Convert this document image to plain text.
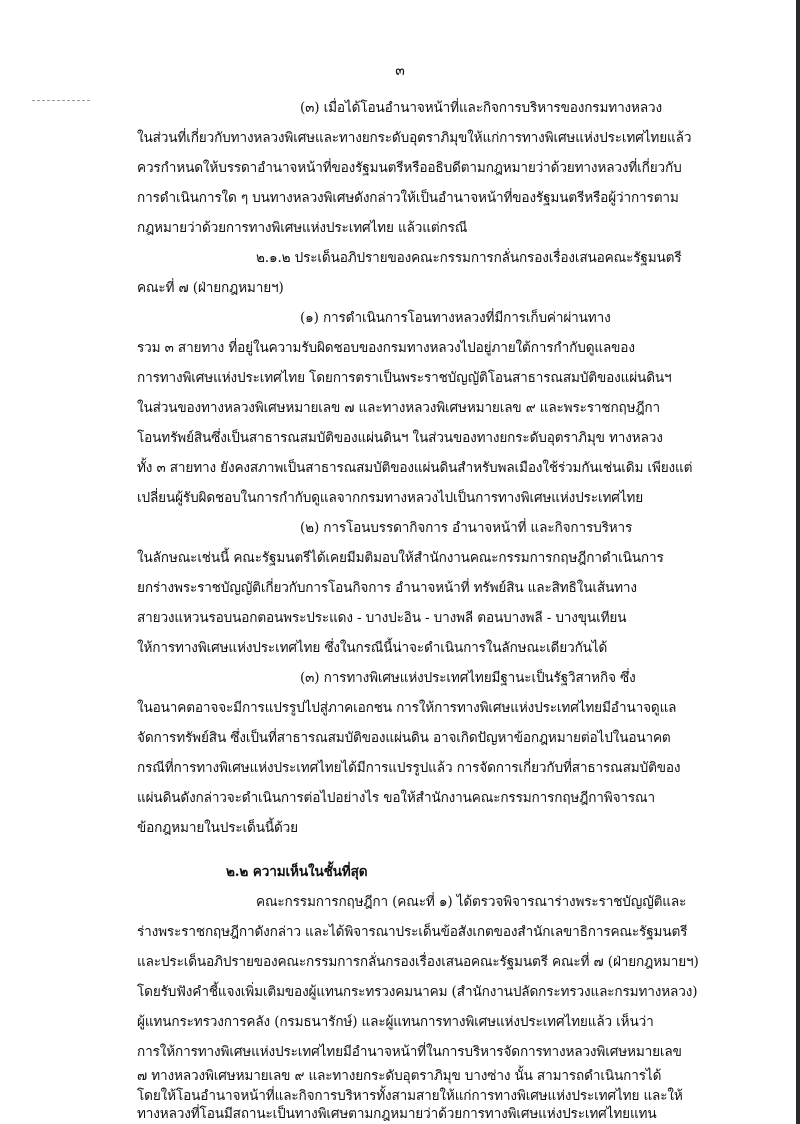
๓
(๓) เมื่อได้โอนอำนาจหน้าที่และกิจการบริหารของกรมทางหลวง
ในส่วนที่เกี่ยวกับทางหลวงพิเศษและทางยกระดับอุตราภิมุขให้แก่การทางพิเศษแห่งประเทศไทยแล้ว
ควรกำหนดให้บรรดาอำนาจหน้าที่ของรัฐมนตรีหรืออธิบดีตามกฎหมายว่าด้วยทางหลวงที่เกี่ยวกับ
การดำเนินการใด ๆ บนทางหลวงพิเศษดังกล่าวให้เป็นอำนาจหน้าที่ของรัฐมนตรีหรือผู้ว่าการตาม
กฎหมายว่าด้วยการทางพิเศษแห่งประเทศไทย แล้วแต่กรณี
๒.๑.๒ ประเด็นอภิปรายของคณะกรรมการกลั่นกรองเรื่องเสนอคณะรัฐมนตรี
คณะที่ ๗ (ฝ่ายกฎหมายฯ)
(๑) การดำเนินการโอนทางหลวงที่มีการเก็บค่าผ่านทาง
รวม ๓ สายทาง ที่อยู่ในความรับผิดชอบของกรมทางหลวงไปอยู่ภายใต้การกำกับดูแลของ
การทางพิเศษแห่งประเทศไทย โดยการตราเป็นพระราชบัญญัติโอนสาธารณสมบัติของแผ่นดินฯ
ในส่วนของทางหลวงพิเศษหมายเลข ๗ และทางหลวงพิเศษหมายเลข ๙ และพระราชกฤษฎีกา
โอนทรัพย์สินซึ่งเป็นสาธารณสมบัติของแผ่นดินฯ ในส่วนของทางยกระดับอุตราภิมุข ทางหลวง
ทั้ง ๓ สายทาง ยังคงสภาพเป็นสาธารณสมบัติของแผ่นดินสำหรับพลเมืองใช้ร่วมกันเช่นเดิม เพียงแต่
เปลี่ยนผู้รับผิดชอบในการกำกับดูแลจากกรมทางหลวงไปเป็นการทางพิเศษแห่งประเทศไทย
(๒) การโอนบรรดากิจการ อำนาจหน้าที่ และกิจการบริหาร
ในลักษณะเช่นนี้ คณะรัฐมนตรีได้เคยมีมติมอบให้สำนักงานคณะกรรมการกฤษฎีกาดำเนินการ
ยกร่างพระราชบัญญัติเกี่ยวกับการโอนกิจการ อำนาจหน้าที่ ทรัพย์สิน และสิทธิในเส้นทาง
สายวงแหวนรอบนอกตอนพระประแดง - บางปะอิน - บางพลี ตอนบางพลี - บางขุนเทียน
ให้การทางพิเศษแห่งประเทศไทย ซึ่งในกรณีนี้น่าจะดำเนินการในลักษณะเดียวกันได้
(๓) การทางพิเศษแห่งประเทศไทยมีฐานะเป็นรัฐวิสาหกิจ ซึ่ง
ในอนาคตอาจจะมีการแปรรูปไปสู่ภาคเอกชน การให้การทางพิเศษแห่งประเทศไทยมีอำนาจดูแล
จัดการทรัพย์สิน ซึ่งเป็นที่สาธารณสมบัติของแผ่นดิน อาจเกิดปัญหาข้อกฎหมายต่อไปในอนาคต
กรณีที่การทางพิเศษแห่งประเทศไทยได้มีการแปรรูปแล้ว การจัดการเกี่ยวกับที่สาธารณสมบัติของ
แผ่นดินดังกล่าวจะดำเนินการต่อไปอย่างไร ขอให้สำนักงานคณะกรรมการกฤษฎีกาพิจารณา
ข้อกฎหมายในประเด็นนี้ด้วย
๒.๒ ความเห็นในชั้นที่สุด
คณะกรรมการกฤษฎีกา (คณะที่ ๑) ได้ตรวจพิจารณาร่างพระราชบัญญัติและ
ร่างพระราชกฤษฎีกาดังกล่าว และได้พิจารณาประเด็นข้อสังเกตของสำนักเลขาธิการคณะรัฐมนตรี
และประเด็นอภิปรายของคณะกรรมการกลั่นกรองเรื่องเสนอคณะรัฐมนตรี คณะที่ ๗ (ฝ่ายกฎหมายฯ)
โดยรับฟังคำชี้แจงเพิ่มเติมของผู้แทนกระทรวงคมนาคม (สำนักงานปลัดกระทรวงและกรมทางหลวง)
ผู้แทนกระทรวงการคลัง (กรมธนารักษ์) และผู้แทนการทางพิเศษแห่งประเทศไทยแล้ว เห็นว่า
การให้การทางพิเศษแห่งประเทศไทยมีอำนาจหน้าที่ในการบริหารจัดการทางหลวงพิเศษหมายเลข
๗ ทางหลวงพิเศษหมายเลข ๙ และทางยกระดับอุตราภิมุข บางซ่าง นั้น สามารถดำเนินการได้
โดยให้โอนอำนาจหน้าที่และกิจการบริหารทั้งสามสายให้แก่การทางพิเศษแห่งประเทศไทย และให้
ทางหลวงที่โอนมีสถานะเป็นทางพิเศษตามกฎหมายว่าด้วยการทางพิเศษแห่งประเทศไทยแทน
